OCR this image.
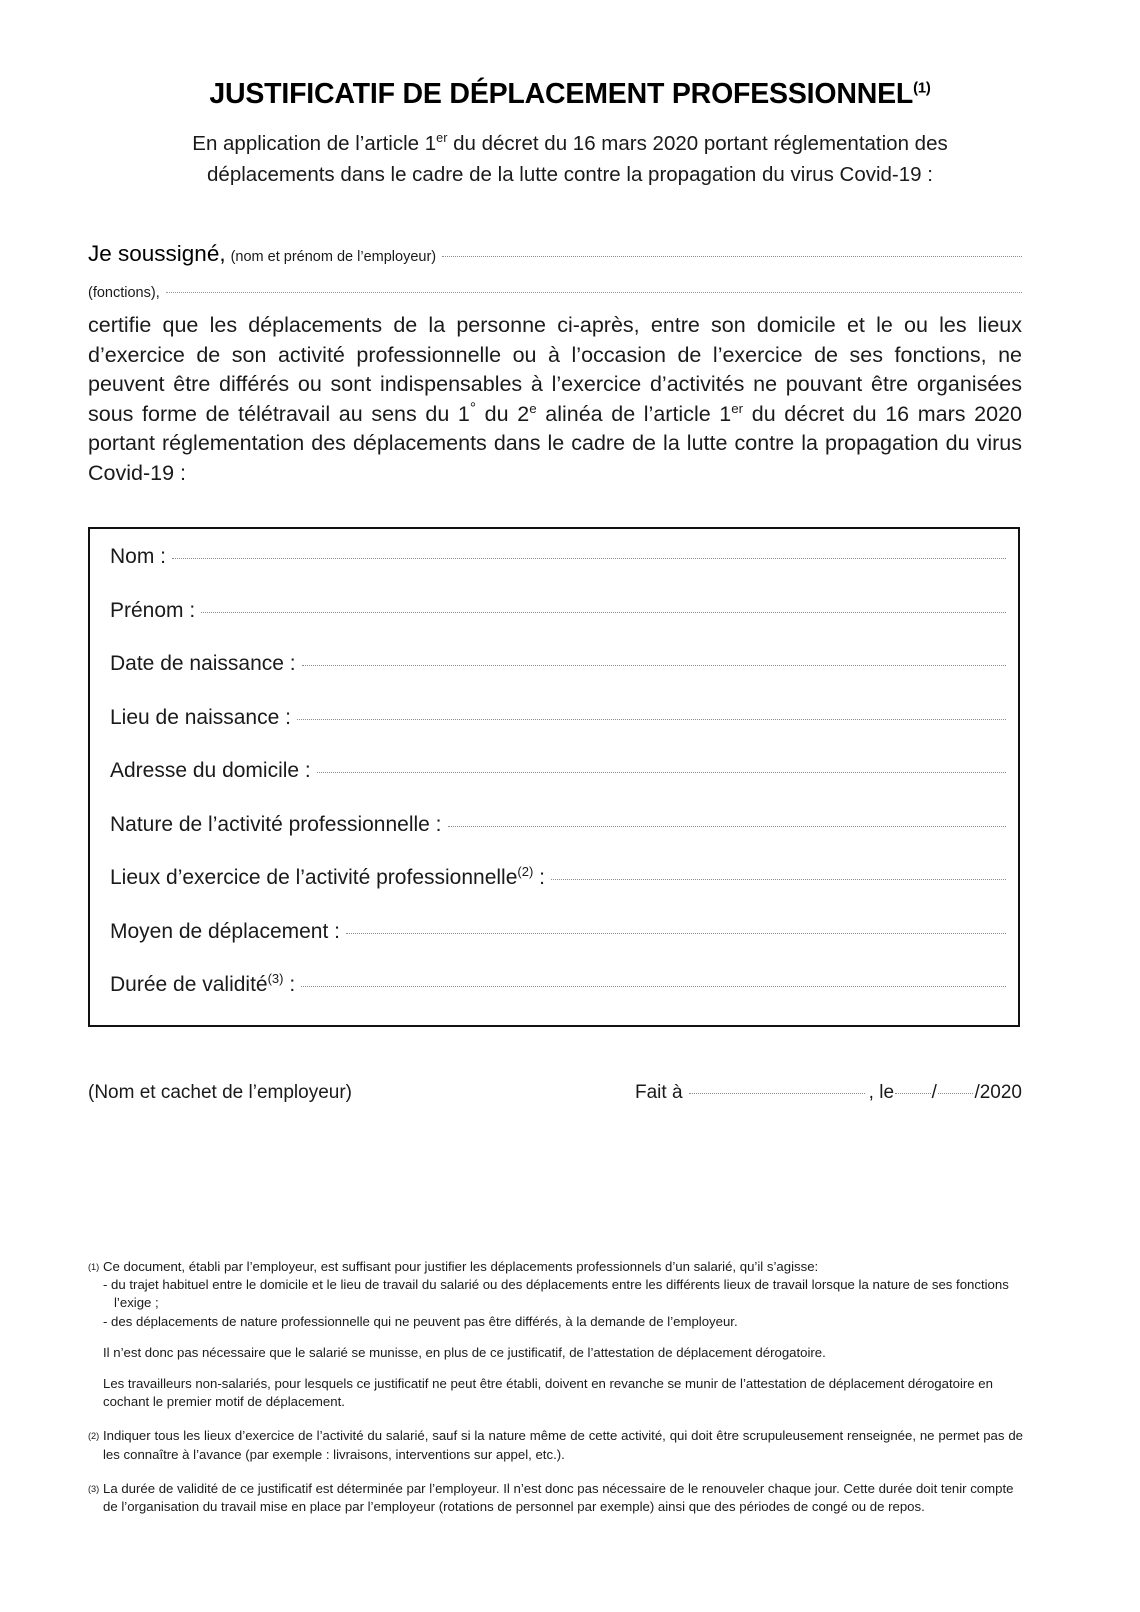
JUSTIFICATIF DE DÉPLACEMENT PROFESSIONNEL$^{(1)}$
En application de l’article 1er du décret du 16 mars 2020 portant réglementation des
déplacements dans le cadre de la lutte contre la propagation du virus Covid-19 :
Je soussigné, (nom et prénom de l’employeur)
(fonctions),
certifie que les déplacements de la personne ci-après, entre son domicile et le ou les lieux d’exercice de son activité professionnelle ou à l’occasion de l’exercice de ses fonctions, ne peuvent être différés ou sont indispensables à l’exercice d’activités ne pouvant être organisées sous forme de télétravail au sens du 1° du 2e alinéa de l’article 1er du décret du 16 mars 2020 portant réglementation des déplacements dans le cadre de la lutte contre la propagation du virus Covid-19 :
Nom :
Prénom :
Date de naissance :
Lieu de naissance :
Adresse du domicile :
Nature de l’activité professionnelle :
Lieux d’exercice de l’activité professionnelle$^{(2)}$ :
Moyen de déplacement :
Durée de validité$^{(3)}$ :
(Nom et cachet de l’employeur)	Fait à	, le / /2020
(1) Ce document, établi par l’employeur, est suffisant pour justifier les déplacements professionnels d’un salarié, qu’il s’agisse:

- du trajet habituel entre le domicile et le lieu de travail du salarié ou des déplacements entre les différents lieux de travail lorsque la nature de ses fonctions l’exige ;
- des déplacements de nature professionnelle qui ne peuvent pas être différés, à la demande de l’employeur.

Il n’est donc pas nécessaire que le salarié se munisse, en plus de ce justificatif, de l’attestation de déplacement dérogatoire.

Les travailleurs non-salariés, pour lesquels ce justificatif ne peut être établi, doivent en revanche se munir de l’attestation de déplacement dérogatoire en cochant le premier motif de déplacement.

(2) Indiquer tous les lieux d’exercice de l’activité du salarié, sauf si la nature même de cette activité, qui doit être scrupuleusement renseignée, ne permet pas de les connaître à l’avance (par exemple : livraisons, interventions sur appel, etc.).

(3) La durée de validité de ce justificatif est déterminée par l’employeur. Il n’est donc pas nécessaire de le renouveler chaque jour. Cette durée doit tenir compte de l’organisation du travail mise en place par l’employeur (rotations de personnel par exemple) ainsi que des périodes de congé ou de repos.
